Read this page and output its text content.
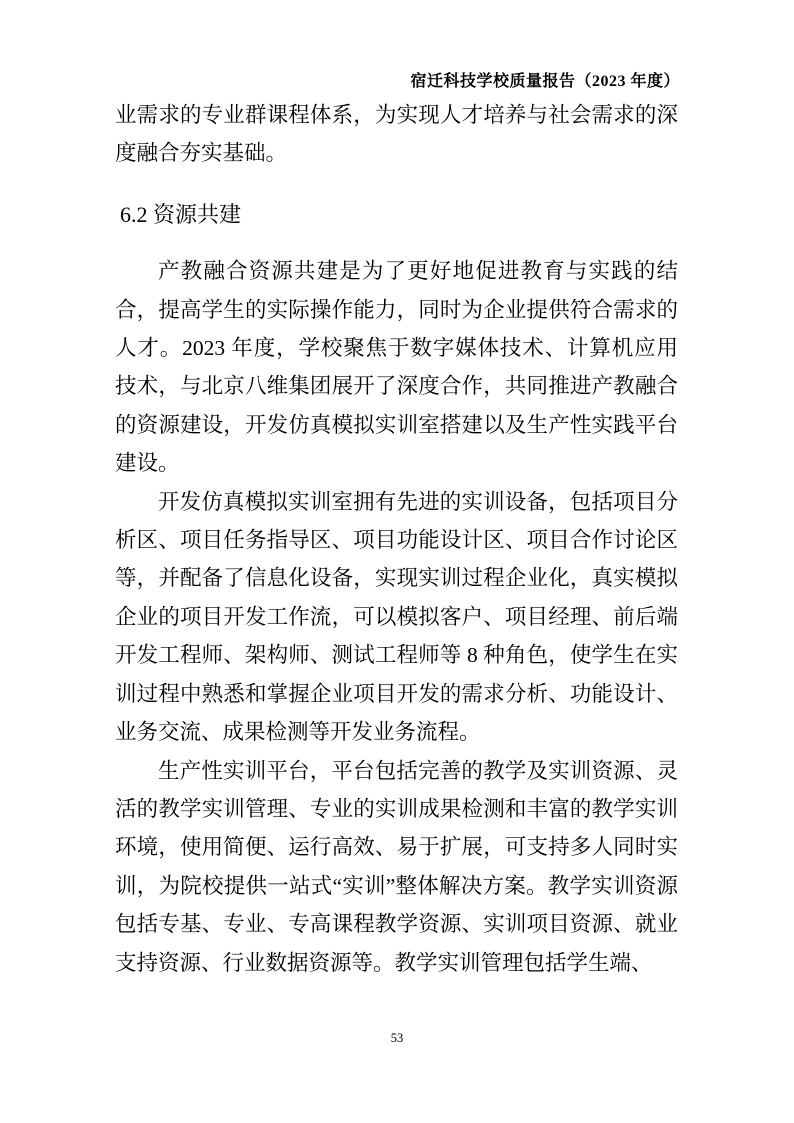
宿迁科技学校质量报告（2023 年度）

业需求的专业群课程体系，为实现人才培养与社会需求的深度融合夯实基础。

6.2 资源共建

产教融合资源共建是为了更好地促进教育与实践的结合，提高学生的实际操作能力，同时为企业提供符合需求的人才。2023 年度，学校聚焦于数字媒体技术、计算机应用技术，与北京八维集团展开了深度合作，共同推进产教融合的资源建设，开发仿真模拟实训室搭建以及生产性实践平台建设。

开发仿真模拟实训室拥有先进的实训设备，包括项目分析区、项目任务指导区、项目功能设计区、项目合作讨论区等，并配备了信息化设备，实现实训过程企业化，真实模拟企业的项目开发工作流，可以模拟客户、项目经理、前后端开发工程师、架构师、测试工程师等 8 种角色，使学生在实训过程中熟悉和掌握企业项目开发的需求分析、功能设计、业务交流、成果检测等开发业务流程。

生产性实训平台，平台包括完善的教学及实训资源、灵活的教学实训管理、专业的实训成果检测和丰富的教学实训环境，使用简便、运行高效、易于扩展，可支持多人同时实训，为院校提供一站式“实训”整体解决方案。教学实训资源包括专基、专业、专高课程教学资源、实训项目资源、就业支持资源、行业数据资源等。教学实训管理包括学生端、

53
